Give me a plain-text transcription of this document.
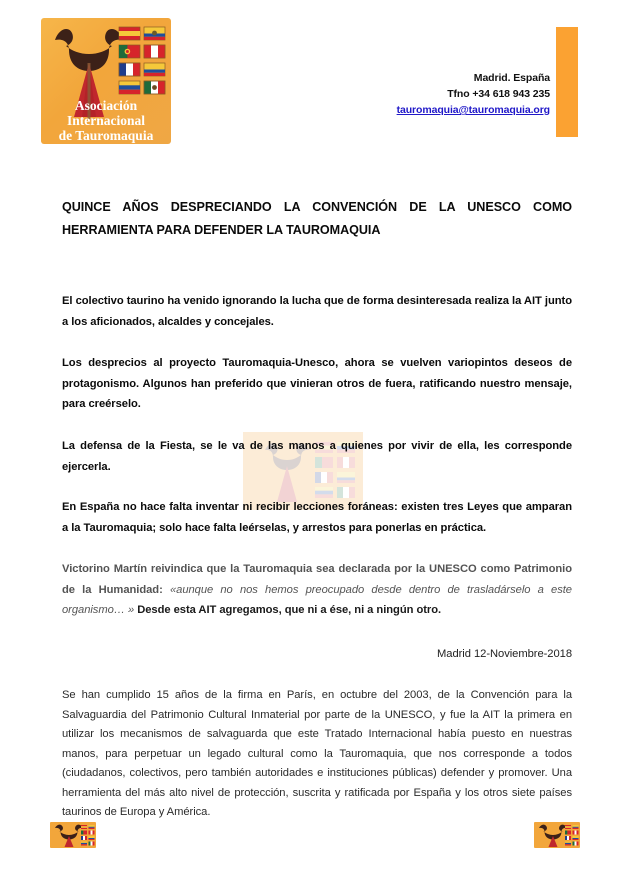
Asociación
Internacional
de Tauromaquia
Madrid. España
Tfno +34 618 943 235
tauromaquia@tauromaquia.org
QUINCE AÑOS DESPRECIANDO LA CONVENCIÓN DE LA UNESCO COMO HERRAMIENTA PARA DEFENDER LA TAUROMAQUIA
El colectivo taurino ha venido ignorando la lucha que de forma desinteresada realiza la AIT junto a los aficionados, alcaldes y concejales.
Los desprecios al proyecto Tauromaquia-Unesco, ahora se vuelven variopintos deseos de protagonismo. Algunos han preferido que vinieran otros de fuera, ratificando nuestro mensaje, para creérselo.
La defensa de la Fiesta, se le va de las manos a quienes por vivir de ella, les corresponde ejercerla.
En España no hace falta inventar ni recibir lecciones foráneas: existen tres Leyes que amparan a la Tauromaquia; solo hace falta leérselas, y arrestos para ponerlas en práctica.
Victorino Martín reivindica que la Tauromaquia sea declarada por la UNESCO como Patrimonio de la Humanidad: «aunque no nos hemos preocupado desde dentro de trasladárselo a este organismo… » Desde esta AIT agregamos, que ni a ése, ni a ningún otro.
Madrid 12-Noviembre-2018
Se han cumplido 15 años de la firma en París, en octubre del 2003, de la Convención para la Salvaguardia del Patrimonio Cultural Inmaterial por parte de la UNESCO, y fue la AIT la primera en utilizar los mecanismos de salvaguarda que este Tratado Internacional había puesto en nuestras manos, para perpetuar un legado cultural como la Tauromaquia, que nos corresponde a todos (ciudadanos, colectivos, pero también autoridades e instituciones públicas) defender y promover. Una herramienta del más alto nivel de protección, suscrita y ratificada por España y los otros siete países taurinos de Europa y América.
